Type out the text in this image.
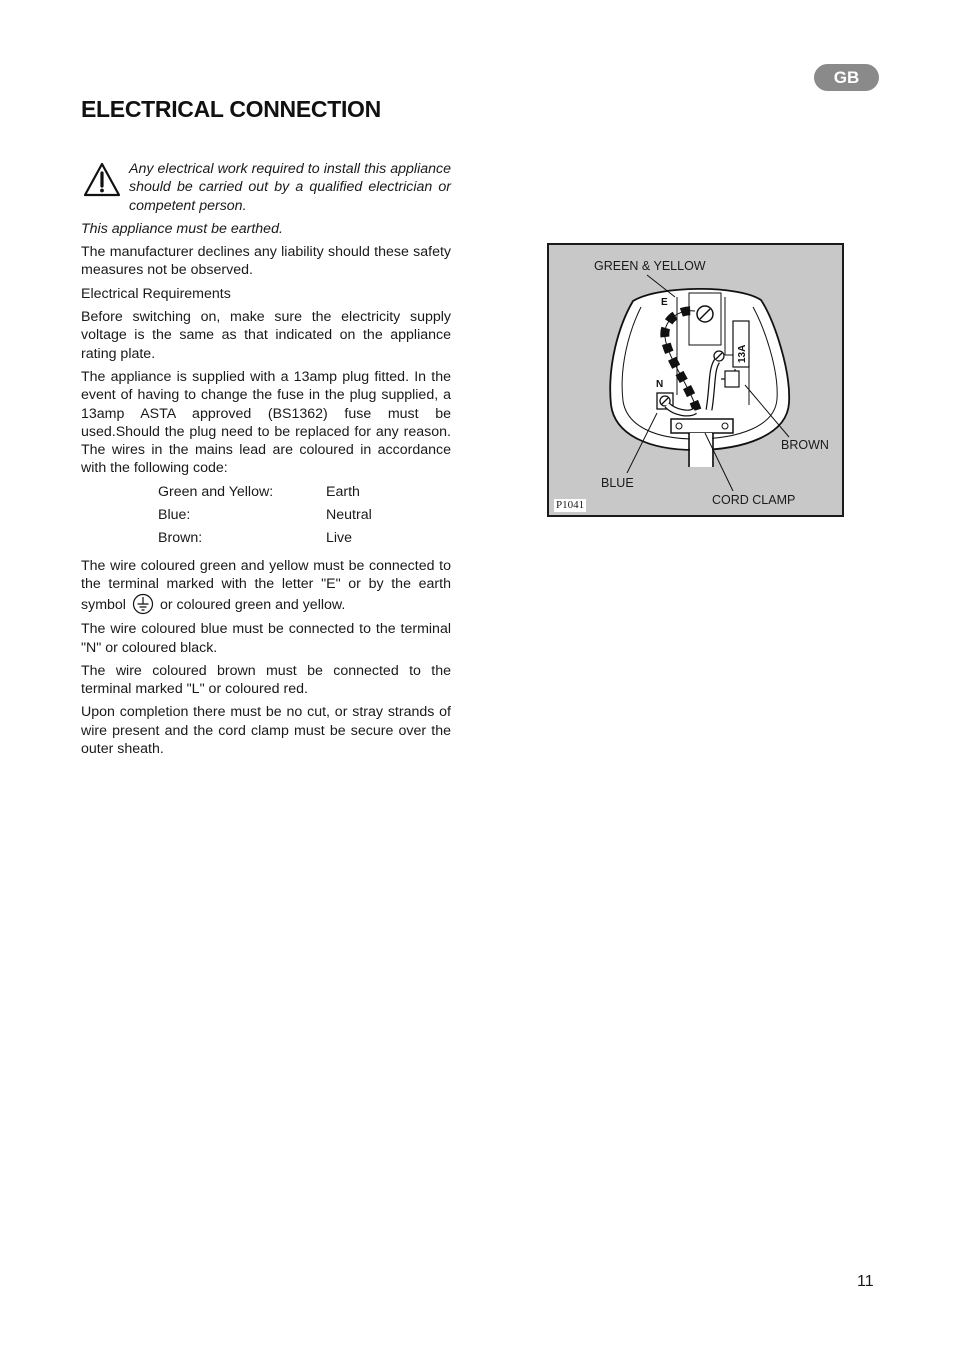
GB
ELECTRICAL CONNECTION

Any electrical work required to install this appliance should be carried out by a qualified electrician or competent person.

This appliance must be earthed.

The manufacturer declines any liability should these safety measures not be observed.

Electrical Requirements

Before switching on, make sure the electricity supply voltage is the same as that indicated on the appliance rating plate.

The appliance is supplied with a 13amp plug fitted. In the event of having to change the fuse in the plug supplied, a 13amp ASTA approved (BS1362) fuse must be used.Should the plug need to be replaced for any reason. The wires in the mains lead are coloured in accordance with the following code:

Green and Yellow:	Earth
Blue:	Neutral
Brown:	Live

The wire coloured green and yellow must be connected to the terminal marked with the letter "E" or by the earth symbol or coloured green and yellow.

The wire coloured blue must be connected to the terminal "N" or coloured black.

The wire coloured brown must be connected to the terminal marked "L" or coloured red.

Upon completion there must be no cut, or stray strands of wire present and the cord clamp must be secure over the outer sheath.

E
N
13A
GREEN & YELLOW
BROWN
BLUE
CORD CLAMP
P1041
11
